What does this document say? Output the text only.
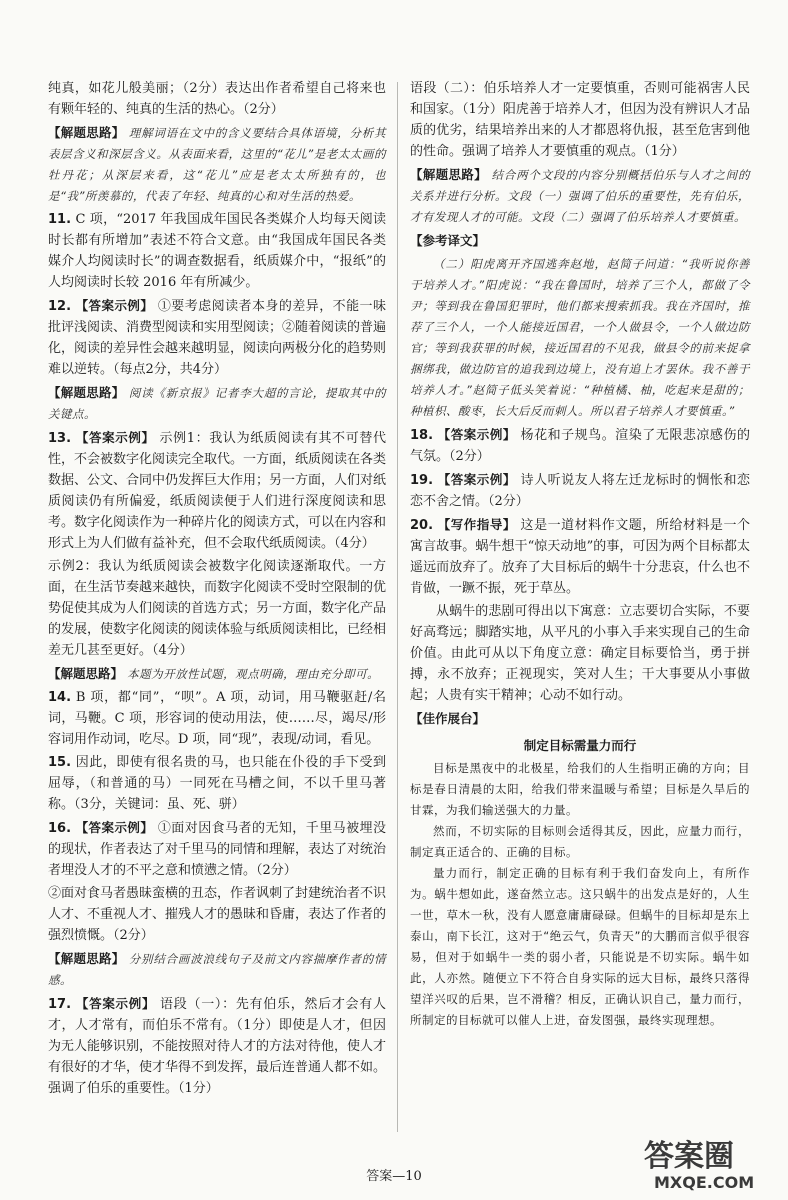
纯真，如花儿般美丽；（2分）表达出作者希望自己将来也有颗年轻的、纯真的生活的热心。（2分）

【解题思路】 理解词语在文中的含义要结合具体语境，分析其表层含义和深层含义。从表面来看，这里的“花儿”是老太太画的牡丹花；从深层来看，这“花儿”应是老太太所独有的，也是“我”所羡慕的，代表了年轻、纯真的心和对生活的热爱。

11. C 项，“2017 年我国成年国民各类媒介人均每天阅读时长都有所增加”表述不符合文意。由“我国成年国民各类媒介人均阅读时长”的调查数据看，纸质媒介中，“报纸”的人均阅读时长较 2016 年有所减少。

12. 【答案示例】 ①要考虑阅读者本身的差异，不能一味批评浅阅读、消费型阅读和实用型阅读；②随着阅读的普遍化，阅读的差异性会越来越明显，阅读向两极分化的趋势则难以逆转。（每点2分，共4分）

【解题思路】 阅读《新京报》记者李大超的言论，提取其中的关键点。

13. 【答案示例】 示例1：我认为纸质阅读有其不可替代性，不会被数字化阅读完全取代。一方面，纸质阅读在各类数据、公文、合同中仍发挥巨大作用；另一方面，人们对纸质阅读仍有所偏爱，纸质阅读便于人们进行深度阅读和思考。数字化阅读作为一种碎片化的阅读方式，可以在内容和形式上为人们做有益补充，但不会取代纸质阅读。（4分）

示例2：我认为纸质阅读会被数字化阅读逐渐取代。一方面，在生活节奏越来越快，而数字化阅读不受时空限制的优势促使其成为人们阅读的首选方式；另一方面，数字化产品的发展，使数字化阅读的阅读体验与纸质阅读相比，已经相差无几甚至更好。（4分）

【解题思路】 本题为开放性试题，观点明确，理由充分即可。

14. B 项，都“同”，“呗”。A 项，动词，用马鞭驱赶/名词，马鞭。C 项，形容词的使动用法，使……尽，竭尽/形容词用作动词，吃尽。D 项，同“现”，表现/动词，看见。

15. 因此，即使有很名贵的马，也只能在仆役的手下受到屈辱，（和普通的马）一同死在马槽之间，不以千里马著称。（3分，关键词：虽、死、骈）

16. 【答案示例】 ①面对因食马者的无知，千里马被埋没的现状，作者表达了对千里马的同情和理解，表达了对统治者埋没人才的不平之意和愤懑之情。（2分）

②面对食马者愚昧蛮横的丑态，作者讽刺了封建统治者不识人才、不重视人才、摧残人才的愚昧和昏庸，表达了作者的强烈愤慨。（2分）

【解题思路】 分别结合画波浪线句子及前文内容揣摩作者的情感。

17. 【答案示例】 语段（一）：先有伯乐，然后才会有人才，人才常有，而伯乐不常有。（1分）即使是人才，但因为无人能够识别，不能按照对待人才的方法对待他，使人才有很好的才华，使才华得不到发挥，最后连普通人都不如。强调了伯乐的重要性。（1分）

语段（二）：伯乐培养人才一定要慎重，否则可能祸害人民和国家。（1分）阳虎善于培养人才，但因为没有辨识人才品质的优劣，结果培养出来的人才都恩将仇报，甚至危害到他的性命。强调了培养人才要慎重的观点。（1分）

【解题思路】 结合两个文段的内容分别概括伯乐与人才之间的关系并进行分析。文段（一）强调了伯乐的重要性，先有伯乐，才有发现人才的可能。文段（二）强调了伯乐培养人才要慎重。

【参考译文】

（二）阳虎离开齐国逃奔赵地，赵简子问道：“我听说你善于培养人才。”阳虎说：“我在鲁国时，培养了三个人，都做了令尹；等到我在鲁国犯罪时，他们都来搜索抓我。我在齐国时，推荐了三个人，一个人能接近国君，一个人做县令，一个人做边防官；等到我获罪的时候，接近国君的不见我，做县令的前来捉拿捆绑我，做边防官的追我到边境上，没有追上才罢休。我不善于培养人才。”赵简子低头笑着说：“种植橘、柚，吃起来是甜的；种植枳、酸枣，长大后反而刺人。所以君子培养人才要慎重。”

18. 【答案示例】 杨花和子规鸟。渲染了无限悲凉感伤的气氛。（2分）

19. 【答案示例】 诗人听说友人将左迁龙标时的惆怅和恋恋不舍之情。（2分）

20. 【写作指导】 这是一道材料作文题，所给材料是一个寓言故事。蜗牛想干“惊天动地”的事，可因为两个目标都太遥远而放弃了。放弃了大目标后的蜗牛十分悲哀，什么也不肯做，一蹶不振，死于草丛。

从蜗牛的悲剧可得出以下寓意：立志要切合实际，不要好高骛远；脚踏实地，从平凡的小事入手来实现自己的生命价值。由此可从以下角度立意：确定目标要恰当，勇于拼搏，永不放弃；正视现实，笑对人生；干大事要从小事做起；人贵有实干精神；心动不如行动。

【佳作展台】

制定目标需量力而行

目标是黑夜中的北极星，给我们的人生指明正确的方向；目标是春日清晨的太阳，给我们带来温暖与希望；目标是久旱后的甘霖，为我们输送强大的力量。

然而，不切实际的目标则会适得其反，因此，应量力而行，制定真正适合的、正确的目标。

量力而行，制定正确的目标有利于我们奋发向上，有所作为。蜗牛想如此，遂奋然立志。这只蜗牛的出发点是好的，人生一世，草木一秋，没有人愿意庸庸碌碌。但蜗牛的目标却是东上泰山，南下长江，这对于“绝云气，负青天”的大鹏而言似乎很容易，但对于如蜗牛一类的弱小者，只能说是不切实际。蜗牛如此，人亦然。随便立下不符合自身实际的远大目标，最终只落得望洋兴叹的后果，岂不滑稽？相反，正确认识自己，量力而行，所制定的目标就可以催人上进，奋发图强，最终实现理想。

答案—10
答案圈
MXQE.COM
